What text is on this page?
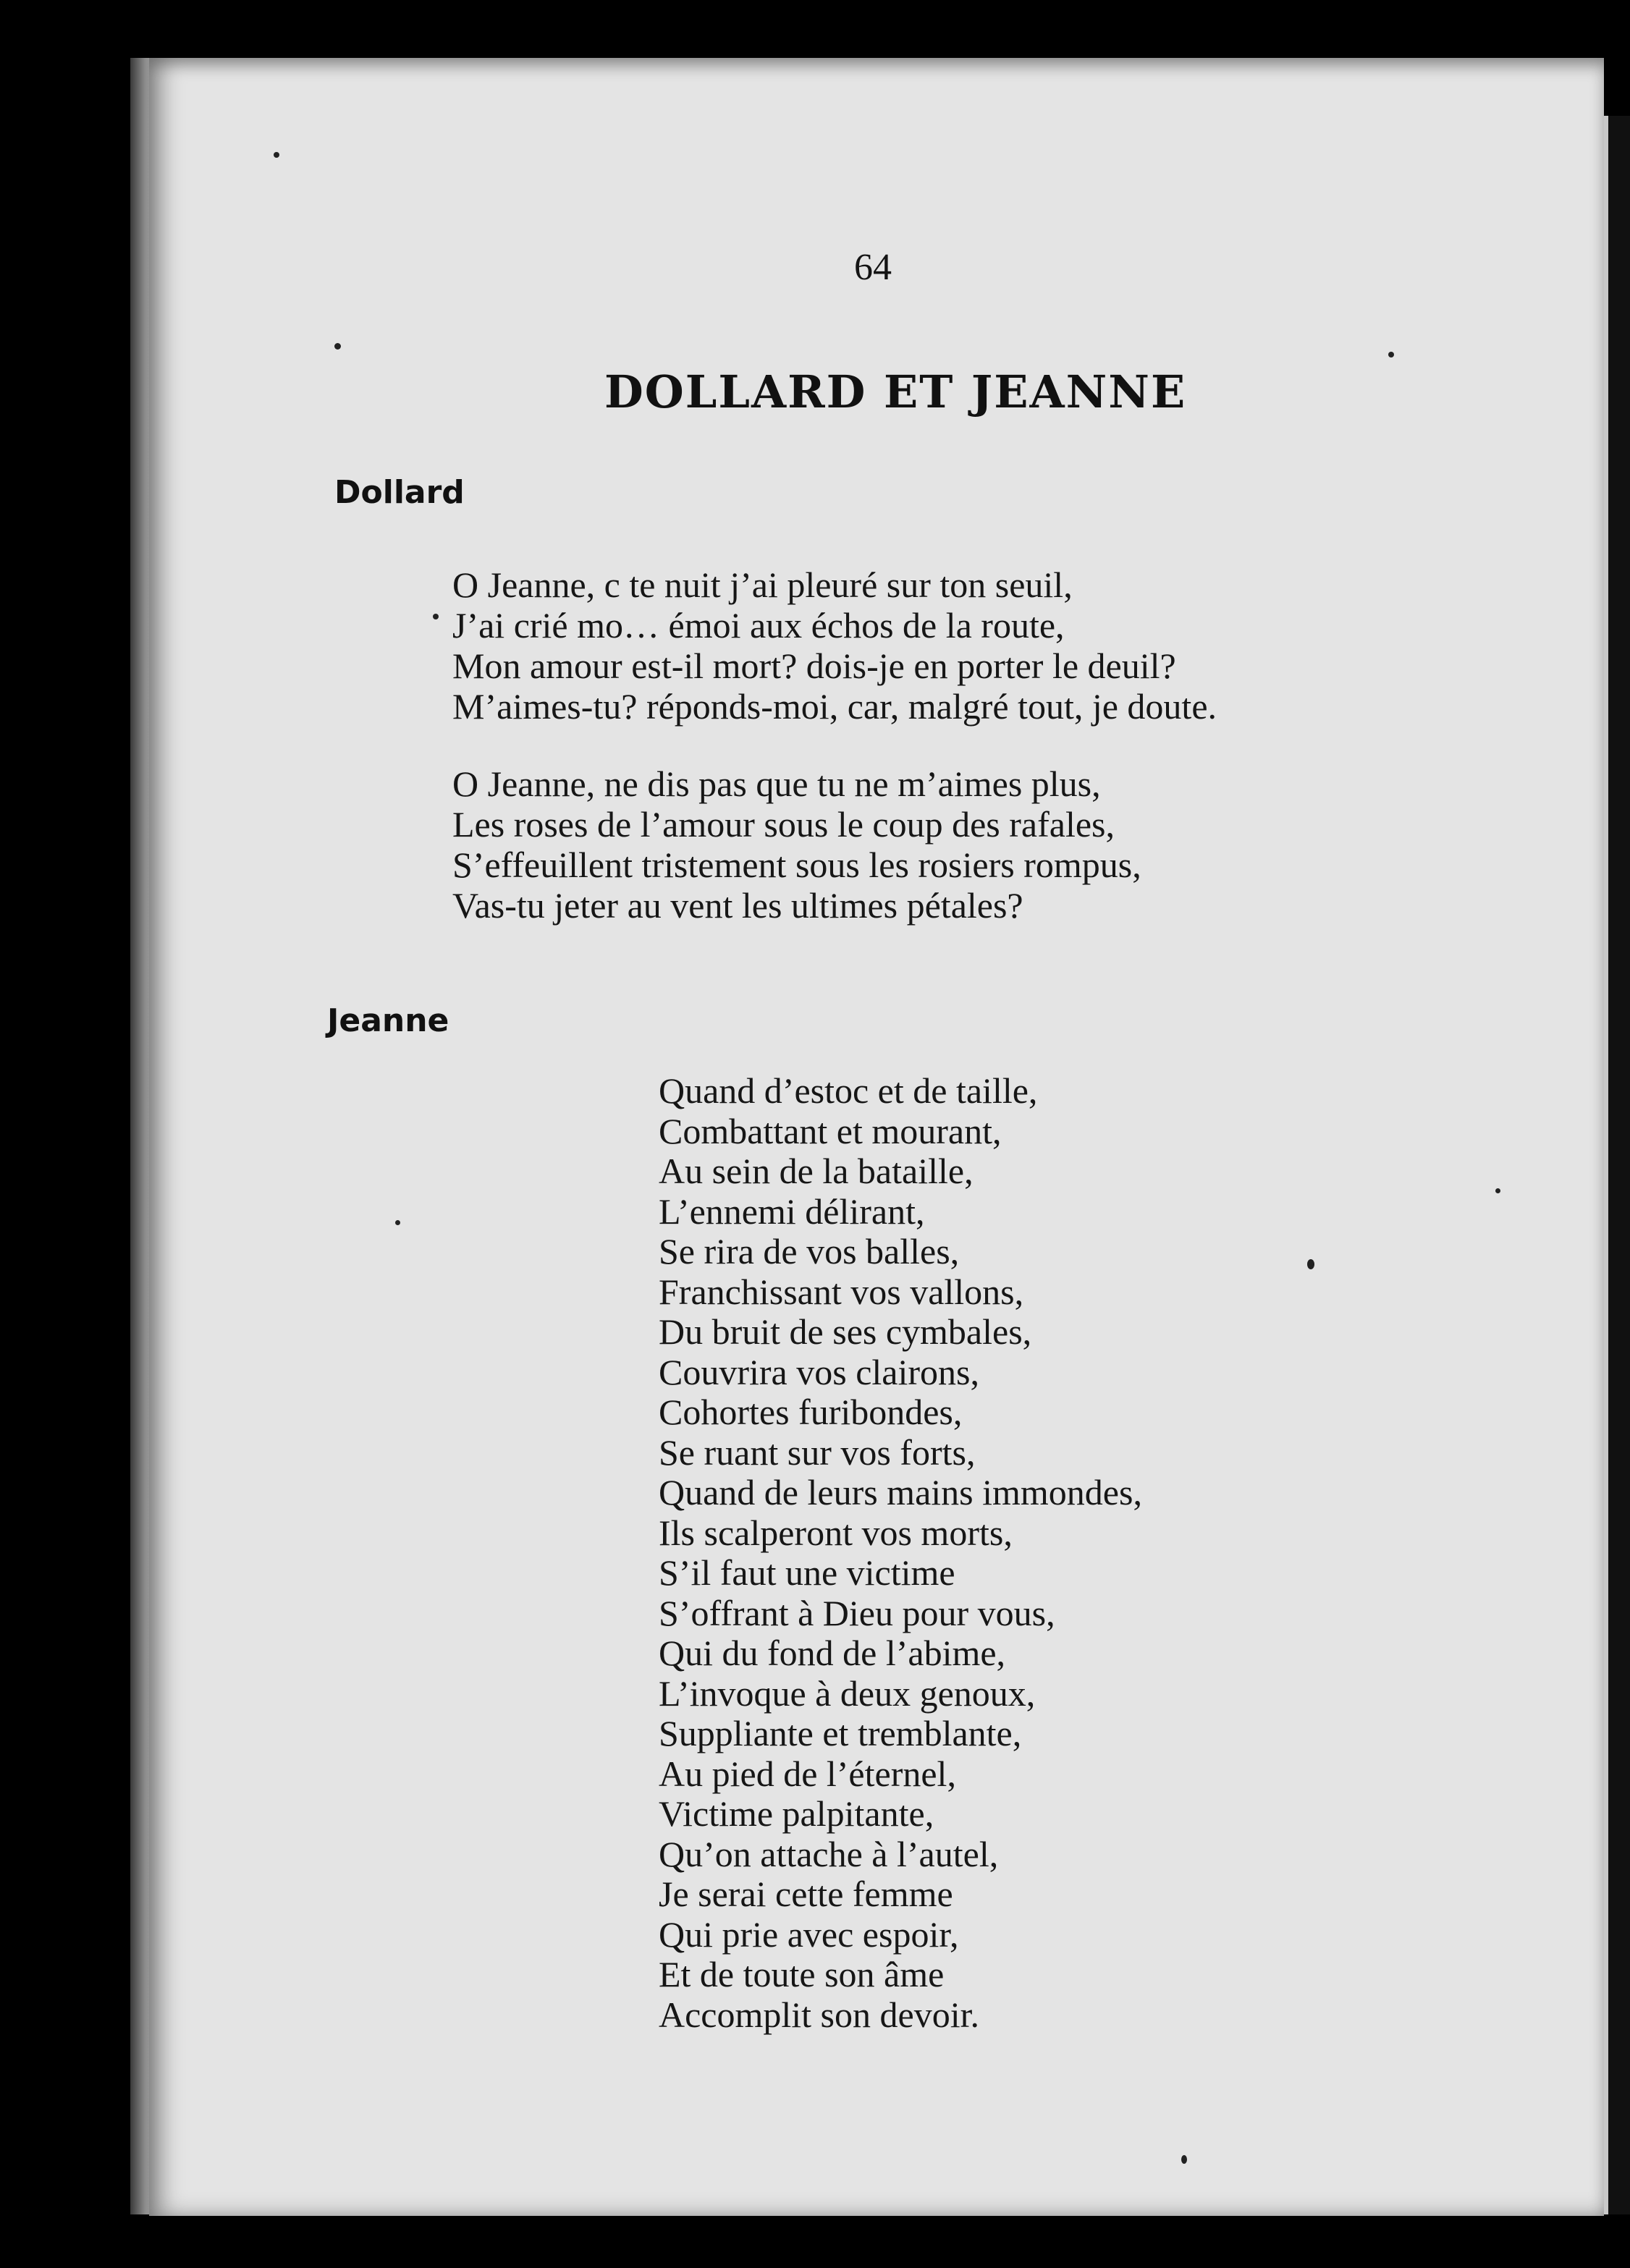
64
DOLLARD ET JEANNE
Dollard
O Jeanne, c te nuit j’ai pleuré sur ton seuil,
J’ai crié mo… émoi aux échos de la route,
Mon amour est-il mort? dois-je en porter le deuil?
M’aimes-tu? réponds-moi, car, malgré tout, je doute.
O Jeanne, ne dis pas que tu ne m’aimes plus,
Les roses de l’amour sous le coup des rafales,
S’effeuillent tristement sous les rosiers rompus,
Vas-tu jeter au vent les ultimes pétales?
Jeanne
Quand d’estoc et de taille,
Combattant et mourant,
Au sein de la bataille,
L’ennemi délirant,
Se rira de vos balles,
Franchissant vos vallons,
Du bruit de ses cymbales,
Couvrira vos clairons,
Cohortes furibondes,
Se ruant sur vos forts,
Quand de leurs mains immondes,
Ils scalperont vos morts,
S’il faut une victime
S’offrant à Dieu pour vous,
Qui du fond de l’abime,
L’invoque à deux genoux,
Suppliante et tremblante,
Au pied de l’éternel,
Victime palpitante,
Qu’on attache à l’autel,
Je serai cette femme
Qui prie avec espoir,
Et de toute son âme
Accomplit son devoir.
